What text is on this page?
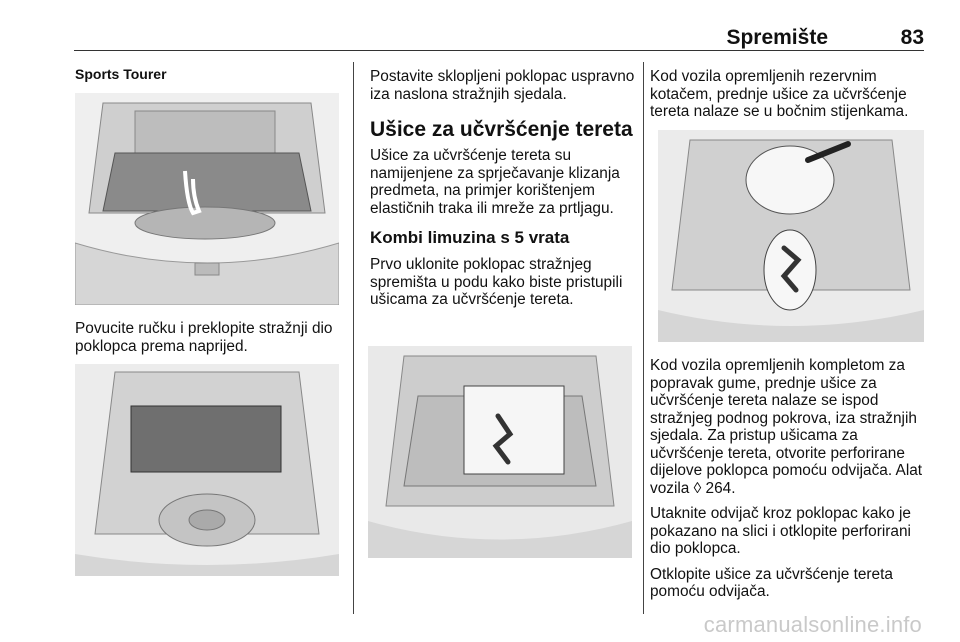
Spremište	83

Sports Tourer

Povucite ručku i preklopite stražnji dio poklopca prema naprijed.

Postavite sklopljeni poklopac uspravno iza naslona stražnjih sjedala.

Ušice za učvršćenje tereta

Ušice za učvršćenje tereta su namijenjene za sprječavanje klizanja predmeta, na primjer korištenjem elastičnih traka ili mreže za prtljagu.

Kombi limuzina s 5 vrata

Prvo uklonite poklopac stražnjeg spremišta u podu kako biste pristupili ušicama za učvršćenje tereta.

Kod vozila opremljenih rezervnim kotačem, prednje ušice za učvršćenje tereta nalaze se u bočnim stijenkama.

Kod vozila opremljenih kompletom za popravak gume, prednje ušice za učvršćenje tereta nalaze se ispod stražnjeg podnog pokrova, iza stražnjih sjedala. Za pristup ušicama za učvršćenje tereta, otvorite perforirane dijelove poklopca pomoću odvijača. Alat vozila ◊ 264.

Utaknite odvijač kroz poklopac kako je pokazano na slici i otklopite perforirani dio poklopca.

Otklopite ušice za učvršćenje tereta pomoću odvijača.

carmanualsonline.info
